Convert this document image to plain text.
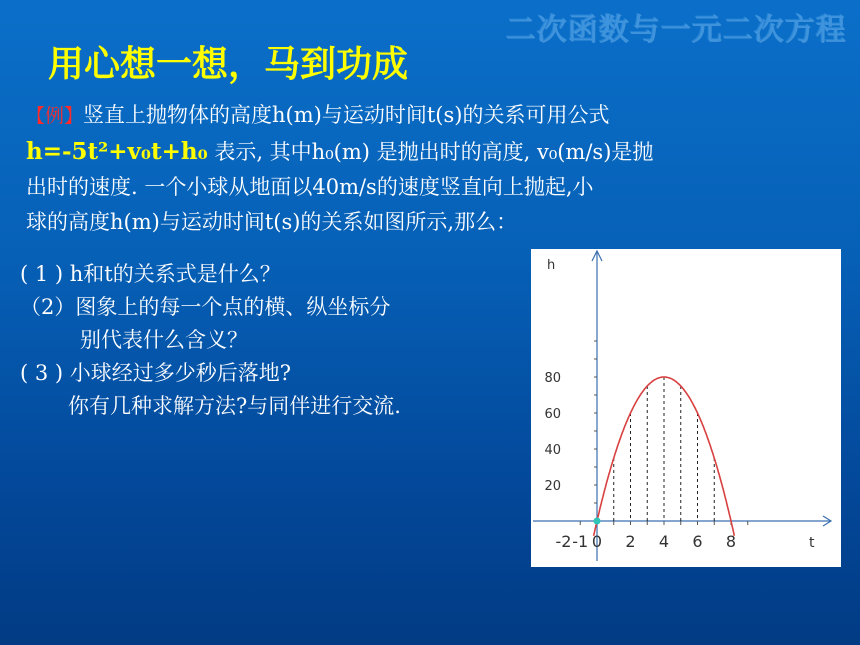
二次函数与一元二次方程
用心想一想，马到功成
【例】竖直上抛物体的高度h(m)与运动时间t(s)的关系可用公式
h=-5t²+v₀t+h₀ 表示, 其中h₀(m) 是抛出时的高度, v₀(m/s)是抛
出时的速度. 一个小球从地面以40m/s的速度竖直向上抛起,小
球的高度h(m)与运动时间t(s)的关系如图所示,那么：
( 1 ) h和t的关系式是什么？
（2）图象上的每一个点的横、纵坐标分
别代表什么含义？
( 3 ) 小球经过多少秒后落地?
你有几种求解方法?与同伴进行交流.
20
40
60
80
-2 -1 0 2 4 6 8
h
t
